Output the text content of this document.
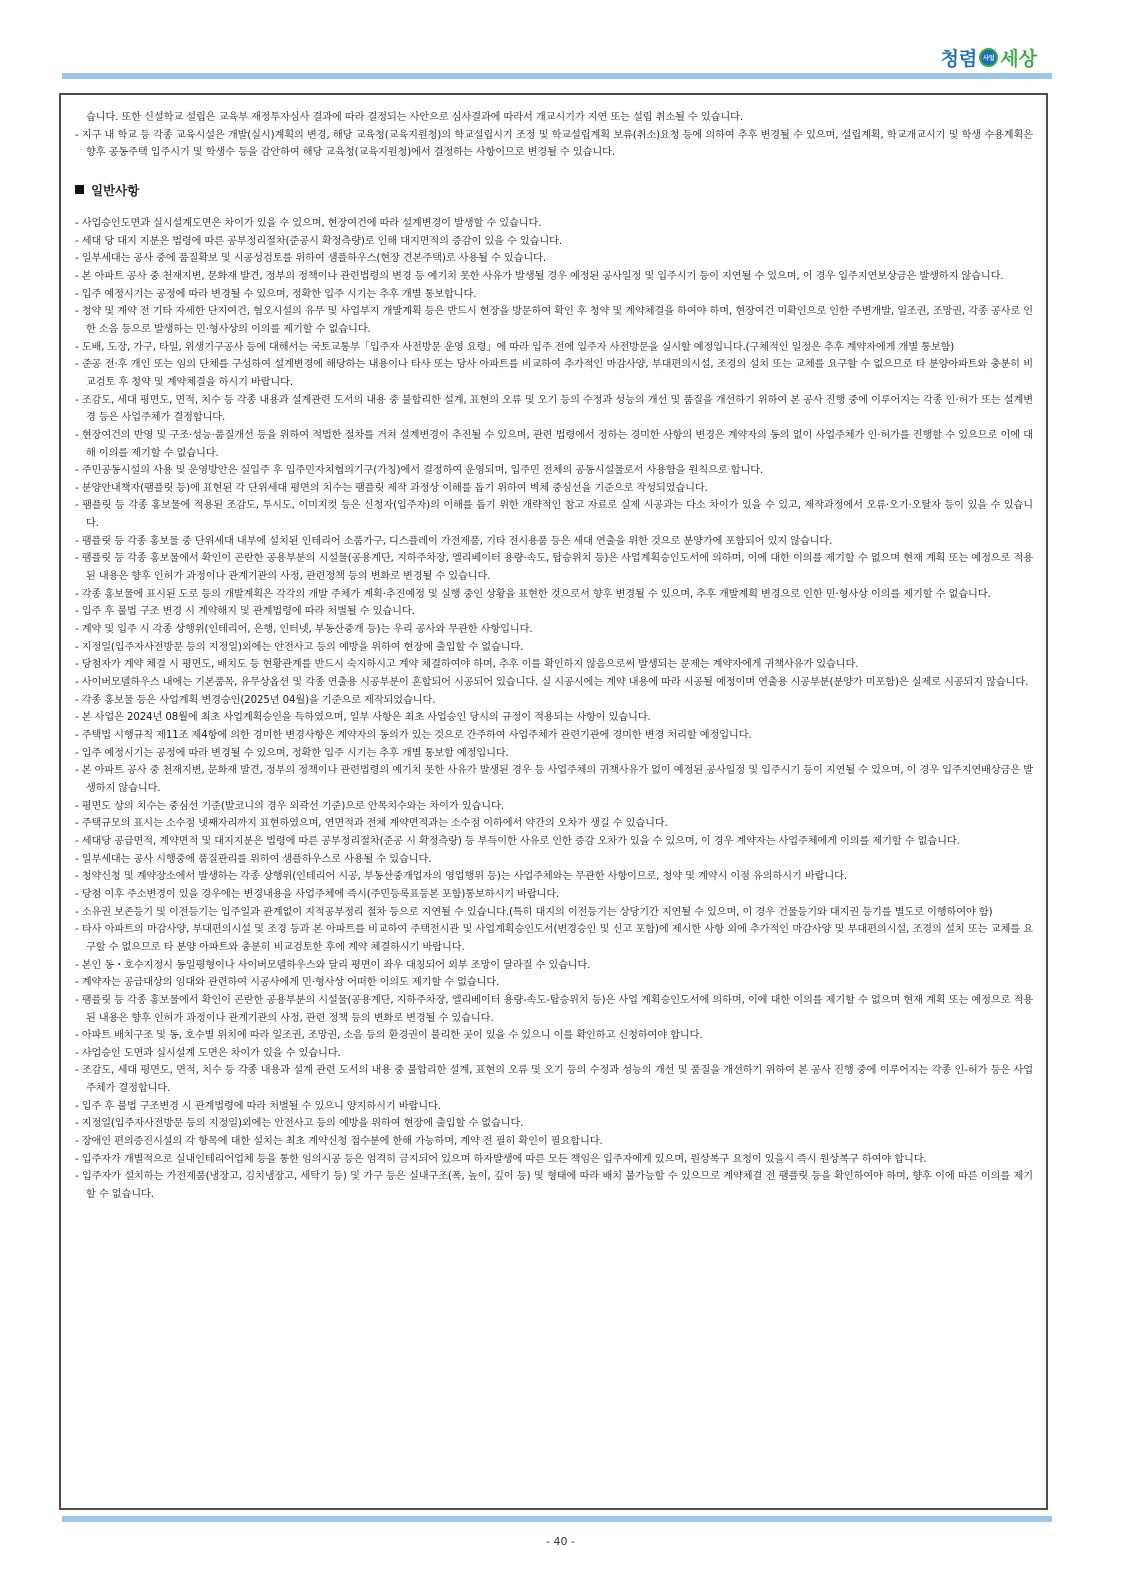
청렴 사업 세상
습니다. 또한 신설학교 설립은 교육부 재정투자심사 결과에 따라 결정되는 사안으로 심사결과에 따라서 개교시기가 지연 또는 설립 취소될 수 있습니다.
- 지구 내 학교 등 각종 교육시설은 개발(실시)계획의 변경, 해당 교육청(교육지원청)의 학교설립시기 조정 및 학교설립계획 보류(취소)요청 등에 의하여 추후 변경될 수 있으며, 설립계획, 학교개교시기 및 학생 수용계획은 향후 공동주택 입주시기 및 학생수 등을 감안하여 해당 교육청(교육지원청)에서 결정하는 사항이므로 변경될 수 있습니다.
일반사항
- 사업승인도면과 실시설계도면은 차이가 있을 수 있으며, 현장여건에 따라 설계변경이 발생할 수 있습니다.
- 세대 당 대지 지분은 법령에 따른 공부정리절차(준공시 확정측량)로 인해 대지면적의 증감이 있을 수 있습니다.
- 일부세대는 공사 중에 품질확보 및 시공성검토를 위하여 샘플하우스(현장 견본주택)로 사용될 수 있습니다.
- 본 아파트 공사 중 천재지변, 문화재 발견, 정부의 정책이나 관련법령의 변경 등 예기치 못한 사유가 발생될 경우 예정된 공사일정 및 입주시기 등이 지연될 수 있으며, 이 경우 입주지연보상금은 발생하지 않습니다.
- 입주 예정시기는 공정에 따라 변경될 수 있으며, 정확한 입주 시기는 추후 개별 통보합니다.
- 청약 및 계약 전 기타 자세한 단지여건, 혐오시설의 유무 및 사업부지 개발계획 등은 반드시 현장을 방문하여 확인 후 청약 및 계약체결을 하여야 하며, 현장여건 미확인으로 인한 주변개발, 일조권, 조망권, 각종 공사로 인한 소음 등으로 발생하는 민·형사상의 이의를 제기할 수 없습니다.
- 도배, 도장, 가구, 타일, 위생기구공사 등에 대해서는 국토교통부「입주자 사전방문 운영 요령」에 따라 입주 전에 입주자 사전방문을 실시할 예정입니다.(구체적인 일정은 추후 계약자에게 개별 통보함)
- 준공 전·후 개인 또는 임의 단체를 구성하여 설계변경에 해당하는 내용이나 타사 또는 당사 아파트를 비교하여 추가적인 마감사양, 부대편의시설, 조경의 설치 또는 교체를 요구할 수 없으므로 타 분양아파트와 충분히 비교검토 후 청약 및 계약체결을 하시기 바랍니다.
- 조감도, 세대 평면도, 면적, 치수 등 각종 내용과 설계관련 도서의 내용 중 불합리한 설계, 표현의 오류 및 오기 등의 수정과 성능의 개선 및 품질을 개선하기 위하여 본 공사 진행 중에 이루어지는 각종 인·허가 또는 설계변경 등은 사업주체가 결정합니다.
- 현장여건의 반영 및 구조·성능·품질개선 등을 위하여 적법한 절차를 거쳐 설계변경이 추진될 수 있으며, 관련 법령에서 정하는 경미한 사항의 변경은 계약자의 동의 없이 사업주체가 인·허가를 진행할 수 있으므로 이에 대해 이의를 제기할 수 없습니다.
- 주민공동시설의 사용 및 운영방안은 실입주 후 입주민자치협의기구(가칭)에서 결정하여 운영되며, 입주민 전체의 공동시설물로서 사용함을 원칙으로 합니다.
- 분양안내책자(팸플릿 등)에 표현된 각 단위세대 평면의 치수는 팸플릿 제작 과정상 이해를 돕기 위하여 벽체 중심선을 기준으로 작성되었습니다.
- 팸플릿 등 각종 홍보물에 적용된 조감도, 투시도, 이미지컷 등은 신청자(입주자)의 이해를 돕기 위한 개략적인 참고 자료로 실제 시공과는 다소 차이가 있을 수 있고, 제작과정에서 오류·오기·오탈자 등이 있을 수 있습니다.
- 팸플릿 등 각종 홍보물 중 단위세대 내부에 설치된 인테리어 소품가구, 디스플레이 가전제품, 기타 전시용품 등은 세대 연출을 위한 것으로 분양가에 포함되어 있지 않습니다.
- 팸플릿 등 각종 홍보물에서 확인이 곤란한 공용부분의 시설물(공용계단, 지하주차장, 엘리베이터 용량·속도, 탑승위치 등)은 사업계획승인도서에 의하며, 이에 대한 이의를 제기할 수 없으며 현재 계획 또는 예정으로 적용된 내용은 향후 인허가 과정이나 관계기관의 사정, 관련정책 등의 변화로 변경될 수 있습니다.
- 각종 홍보물에 표시된 도로 등의 개발계획은 각각의 개발 주체가 계획·추진예정 및 실행 중인 상황을 표현한 것으로서 향후 변경될 수 있으며, 추후 개발계획 변경으로 인한 민·형사상 이의를 제기할 수 없습니다.
- 입주 후 불법 구조 변경 시 계약해지 및 관계법령에 따라 처벌될 수 있습니다.
- 계약 및 입주 시 각종 상행위(인테리어, 은행, 인터넷, 부동산중개 등)는 우리 공사와 무관한 사항입니다.
- 지정일(입주자사전방문 등의 지정일)외에는 안전사고 등의 예방을 위하여 현장에 출입할 수 없습니다.
- 당첨자가 계약 체결 시 평면도, 배치도 등 현황관계를 반드시 숙지하시고 계약 체결하여야 하며, 추후 이를 확인하지 않음으로써 발생되는 문제는 계약자에게 귀책사유가 있습니다.
- 사이버모델하우스 내에는 기본품목, 유무상옵션 및 각종 연출용 시공부분이 혼합되어 시공되어 있습니다. 실 시공시에는 계약 내용에 따라 시공될 예정이며 연출용 시공부분(분양가 미포함)은 실제로 시공되지 않습니다.
- 각종 홍보물 등은 사업계획 변경승인(2025년 04월)을 기준으로 제작되었습니다.
- 본 사업은 2024년 08월에 최초 사업계획승인을 득하였으며, 일부 사항은 최초 사업승인 당시의 규정이 적용되는 사항이 있습니다.
- 주택법 시행규칙 제11조 제4항에 의한 경미한 변경사항은 계약자의 동의가 있는 것으로 간주하여 사업주체가 관련기관에 경미한 변경 처리할 예정입니다.
- 입주 예정시기는 공정에 따라 변경될 수 있으며, 정확한 입주 시기는 추후 개별 통보할 예정입니다.
- 본 아파트 공사 중 천재지변, 문화재 발견, 정부의 정책이나 관련법령의 예기치 못한 사유가 발생된 경우 등 사업주체의 귀책사유가 없이 예정된 공사일정 및 입주시기 등이 지연될 수 있으며, 이 경우 입주지연배상금은 발생하지 않습니다.
- 평면도 상의 치수는 중심선 기준(발코니의 경우 외곽선 기준)으로 안목치수와는 차이가 있습니다.
- 주택규모의 표시는 소수점 넷째자리까지 표현하였으며, 연면적과 전체 계약면적과는 소수점 이하에서 약간의 오차가 생길 수 있습니다.
- 세대당 공급면적, 계약면적 및 대지지분은 법령에 따른 공부정리절차(준공 시 확정측량) 등 부득이한 사유로 인한 증감 오차가 있을 수 있으며, 이 경우 계약자는 사업주체에게 이의를 제기할 수 없습니다.
- 일부세대는 공사 시행중에 품질관리를 위하여 샘플하우스로 사용될 수 있습니다.
- 청약신청 및 계약장소에서 발생하는 각종 상행위(인테리어 시공, 부동산중개업자의 영업행위 등)는 사업주체와는 무관한 사항이므로, 청약 및 계약시 이점 유의하시기 바랍니다.
- 당첨 이후 주소변경이 있을 경우에는 변경내용을 사업주체에 즉시(주민등록표등본 포함)통보하시기 바랍니다.
- 소유권 보존등기 및 이전등기는 입주일과 관계없이 지적공부정리 절차 등으로 지연될 수 있습니다.(특히 대지의 이전등기는 상당기간 지연될 수 있으며, 이 경우 건물등기와 대지권 등기를 별도로 이행하여야 함)
- 타사 아파트의 마감사양, 부대편의시설 및 조경 등과 본 아파트를 비교하여 주택전시관 및 사업계획승인도서(변경승인 및 신고 포함)에 제시한 사항 외에 추가적인 마감사양 및 부대편의시설, 조경의 설치 또는 교체를 요구할 수 없으므로 타 분양 아파트와 충분히 비교검토한 후에 계약 체결하시기 바랍니다.
- 본인 동・호수지정시 동일평형이나 사이버모델하우스와 달리 평면이 좌우 대칭되어 외부 조망이 달라질 수 있습니다.
- 계약자는 공급대상의 임대와 관련하여 시공사에게 민·형사상 어떠한 이의도 제기할 수 없습니다.
- 팸플릿 등 각종 홍보물에서 확인이 곤란한 공용부분의 시설물(공용계단, 지하주차장, 엘리베이터 용량-속도-탑승위치 등)은 사업 계획승인도서에 의하며, 이에 대한 이의를 제기할 수 없으며 현재 계획 또는 예정으로 적용된 내용은 향후 인허가 과정이나 관계기관의 사정, 관련 정책 등의 변화로 변경될 수 있습니다.
- 아파트 배치구조 및 동, 호수별 위치에 따라 일조권, 조망권, 소음 등의 환경권이 불리한 곳이 있을 수 있으니 이를 확인하고 신청하여야 합니다.
- 사업승인 도면과 실시설계 도면은 차이가 있을 수 있습니다.
- 조감도, 세대 평면도, 면적, 치수 등 각종 내용과 설계 관련 도서의 내용 중 불합리한 설계, 표현의 오류 및 오기 등의 수정과 성능의 개선 및 품질을 개선하기 위하여 본 공사 진행 중에 이루어지는 각종 인-허가 등은 사업주체가 결정합니다.
- 입주 후 불법 구조변경 시 관계법령에 따라 처벌될 수 있으니 양지하시기 바랍니다.
- 지정일(입주자사전방문 등의 지정일)외에는 안전사고 등의 예방을 위하여 현장에 출입할 수 없습니다.
- 장애인 편의증진시설의 각 항목에 대한 설치는 최초 계약신청 접수분에 한해 가능하며, 계약 전 필히 확인이 필요합니다.
- 입주자가 개별적으로 실내인테리어업체 등을 통한 임의시공 등은 엄격히 금지되어 있으며 하자발생에 따른 모든 책임은 입주자에게 있으며, 원상복구 요청이 있을시 즉시 원상복구 하여야 합니다.
- 입주자가 설치하는 가전제품(냉장고, 김치냉장고, 세탁기 등) 및 가구 등은 실내구조(폭, 높이, 깊이 등) 및 형태에 따라 배치 불가능할 수 있으므로 계약체결 전 팸플릿 등을 확인하여야 하며, 향후 이에 따른 이의를 제기할 수 없습니다.
- 40 -
